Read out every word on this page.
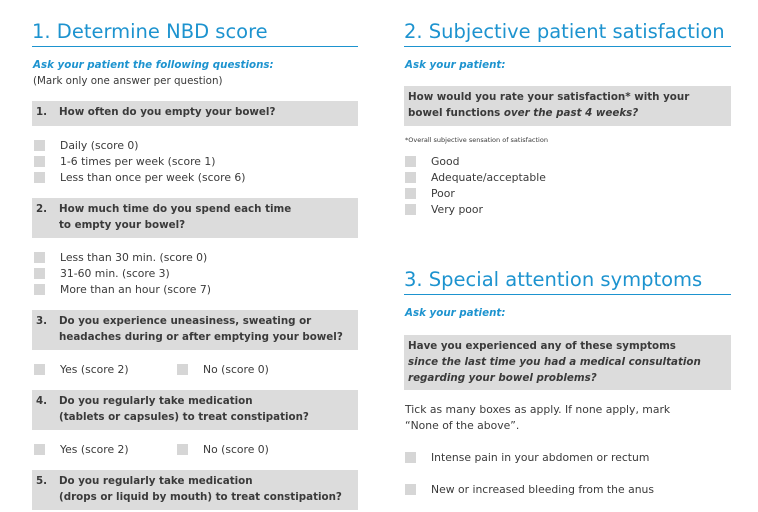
1. Determine NBD score
Ask your patient the following questions:
(Mark only one answer per question)
1. How often do you empty your bowel?
Daily (score 0)
1-6 times per week (score 1)
Less than once per week (score 6)
2. How much time do you spend each time
to empty your bowel?
Less than 30 min. (score 0)
31-60 min. (score 3)
More than an hour (score 7)
3. Do you experience uneasiness, sweating or
headaches during or after emptying your bowel?
Yes (score 2)	No (score 0)
4. Do you regularly take medication
(tablets or capsules) to treat constipation?
Yes (score 2)	No (score 0)
5. Do you regularly take medication
(drops or liquid by mouth) to treat constipation?
2. Subjective patient satisfaction
Ask your patient:
How would you rate your satisfaction* with your
bowel functions over the past 4 weeks?
*Overall subjective sensation of satisfaction
Good
Adequate/acceptable
Poor
Very poor
3. Special attention symptoms
Ask your patient:
Have you experienced any of these symptoms
since the last time you had a medical consultation
regarding your bowel problems?
Tick as many boxes as apply. If none apply, mark
“None of the above”.
Intense pain in your abdomen or rectum
New or increased bleeding from the anus
